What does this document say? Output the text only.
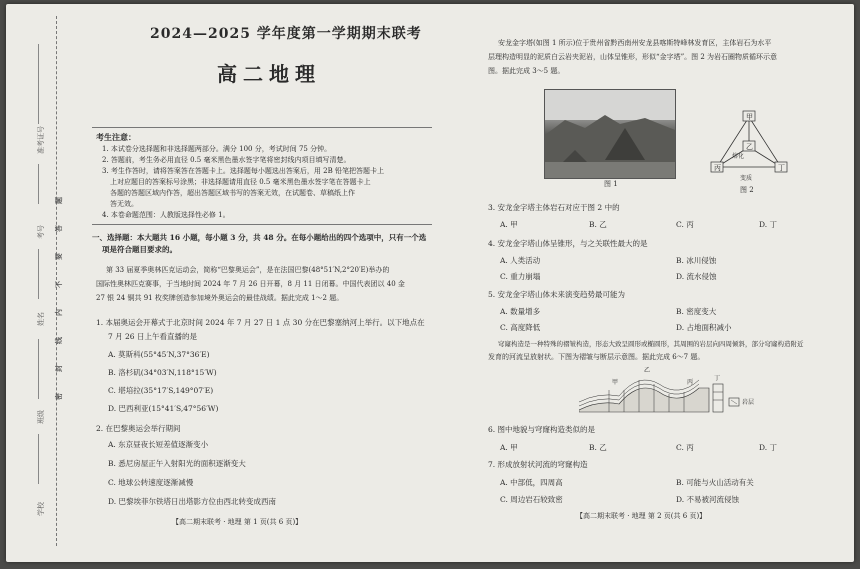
准考证号
考号
姓名
班级
学校
题
答
要
不
内
线
封
密
2024—2025 学年度第一学期期末联考
高二地理
考生注意：
1. 本试卷分选择题和非选择题两部分。满分 100 分，考试时间 75 分钟。
2. 答题前，考生务必用直径 0.5 毫米黑色墨水签字笔将密封线内项目填写清楚。
3. 考生作答时，请将答案答在答题卡上。选择题每小题选出答案后，用 2B 铅笔把答题卡上
上对应题目的答案标号涂黑；非选择题请用直径 0.5 毫米黑色墨水签字笔在答题卡上
各题的答题区域内作答，超出答题区域书写的答案无效，在试题卷、草稿纸上作
答无效。
4. 本卷命题范围：人教版选择性必修 1。
一、选择题：本大题共 16 小题，每小题 3 分，共 48 分。在每小题给出的四个选项中，只有一个选
项是符合题目要求的。
第 33 届夏季奥林匹克运动会，简称“巴黎奥运会”，是在法国巴黎(48°51′N,2°20′E)举办的
国际性奥林匹克赛事，于当地时间 2024 年 7 月 26 日开幕，8 月 11 日闭幕。中国代表团以 40 金
27 银 24 铜共 91 枚奖牌创造参加境外奥运会的最佳战绩。据此完成 1～2 题。
1. 本届奥运会开幕式于北京时间 2024 年 7 月 27 日 1 点 30 分在巴黎塞纳河上举行。以下地点在
7 月 26 日上午看直播的是
A. 莫斯科(55°45′N,37°36′E)
B. 洛杉矶(34°03′N,118°15′W)
C. 堪培拉(35°17′S,149°07′E)
D. 巴西利亚(15°41′S,47°56′W)
2. 在巴黎奥运会举行期间
A. 东京昼夜长短差值逐渐变小
B. 悉尼房屋正午入射阳光的面积逐渐变大
C. 地球公转速度逐渐减慢
D. 巴黎埃菲尔铁塔日出塔影方位由西北转变成西南
【高二期末联考 · 地理 第 1 页(共 6 页)】
安龙金字塔(如图 1 所示)位于贵州省黔西南州安龙县喀斯特峰林发育区，主体岩石为水平
层理构造明显的泥质白云岩夹泥岩，山体呈锥形，形似“金字塔”。图 2 为岩石圈物质循环示意
图。据此完成 3～5 题。
图 1
甲
乙
丙	丁
变质
熔化
图 2
3. 安龙金字塔主体岩石对应于图 2 中的
A. 甲	B. 乙	C. 丙	D. 丁
4. 安龙金字塔山体呈锥形，与之关联性最大的是
A. 人类活动	B. 冰川侵蚀
C. 重力崩塌	D. 流水侵蚀
5. 安龙金字塔山体未来演变趋势最可能为
A. 数量增多	B. 密度变大
C. 高度降低	D. 占地面积减小
穹窿构造是一种特殊的褶皱构造，形态大致呈圆形或椭圆形，其周围的岩层向四周倾斜，部分穹窿构造附近
发育的河流呈放射状。下图为褶皱与断层示意图。据此完成 6～7 题。
乙
甲	丙
丁
岩层
6. 图中地貌与穹窿构造类似的是
A. 甲	B. 乙	C. 丙	D. 丁
7. 形成放射状河流的穹窿构造
A. 中部低，四周高	B. 可能与火山活动有关
C. 周边岩石较致密	D. 不易被河流侵蚀
【高二期末联考 · 地理 第 2 页(共 6 页)】
